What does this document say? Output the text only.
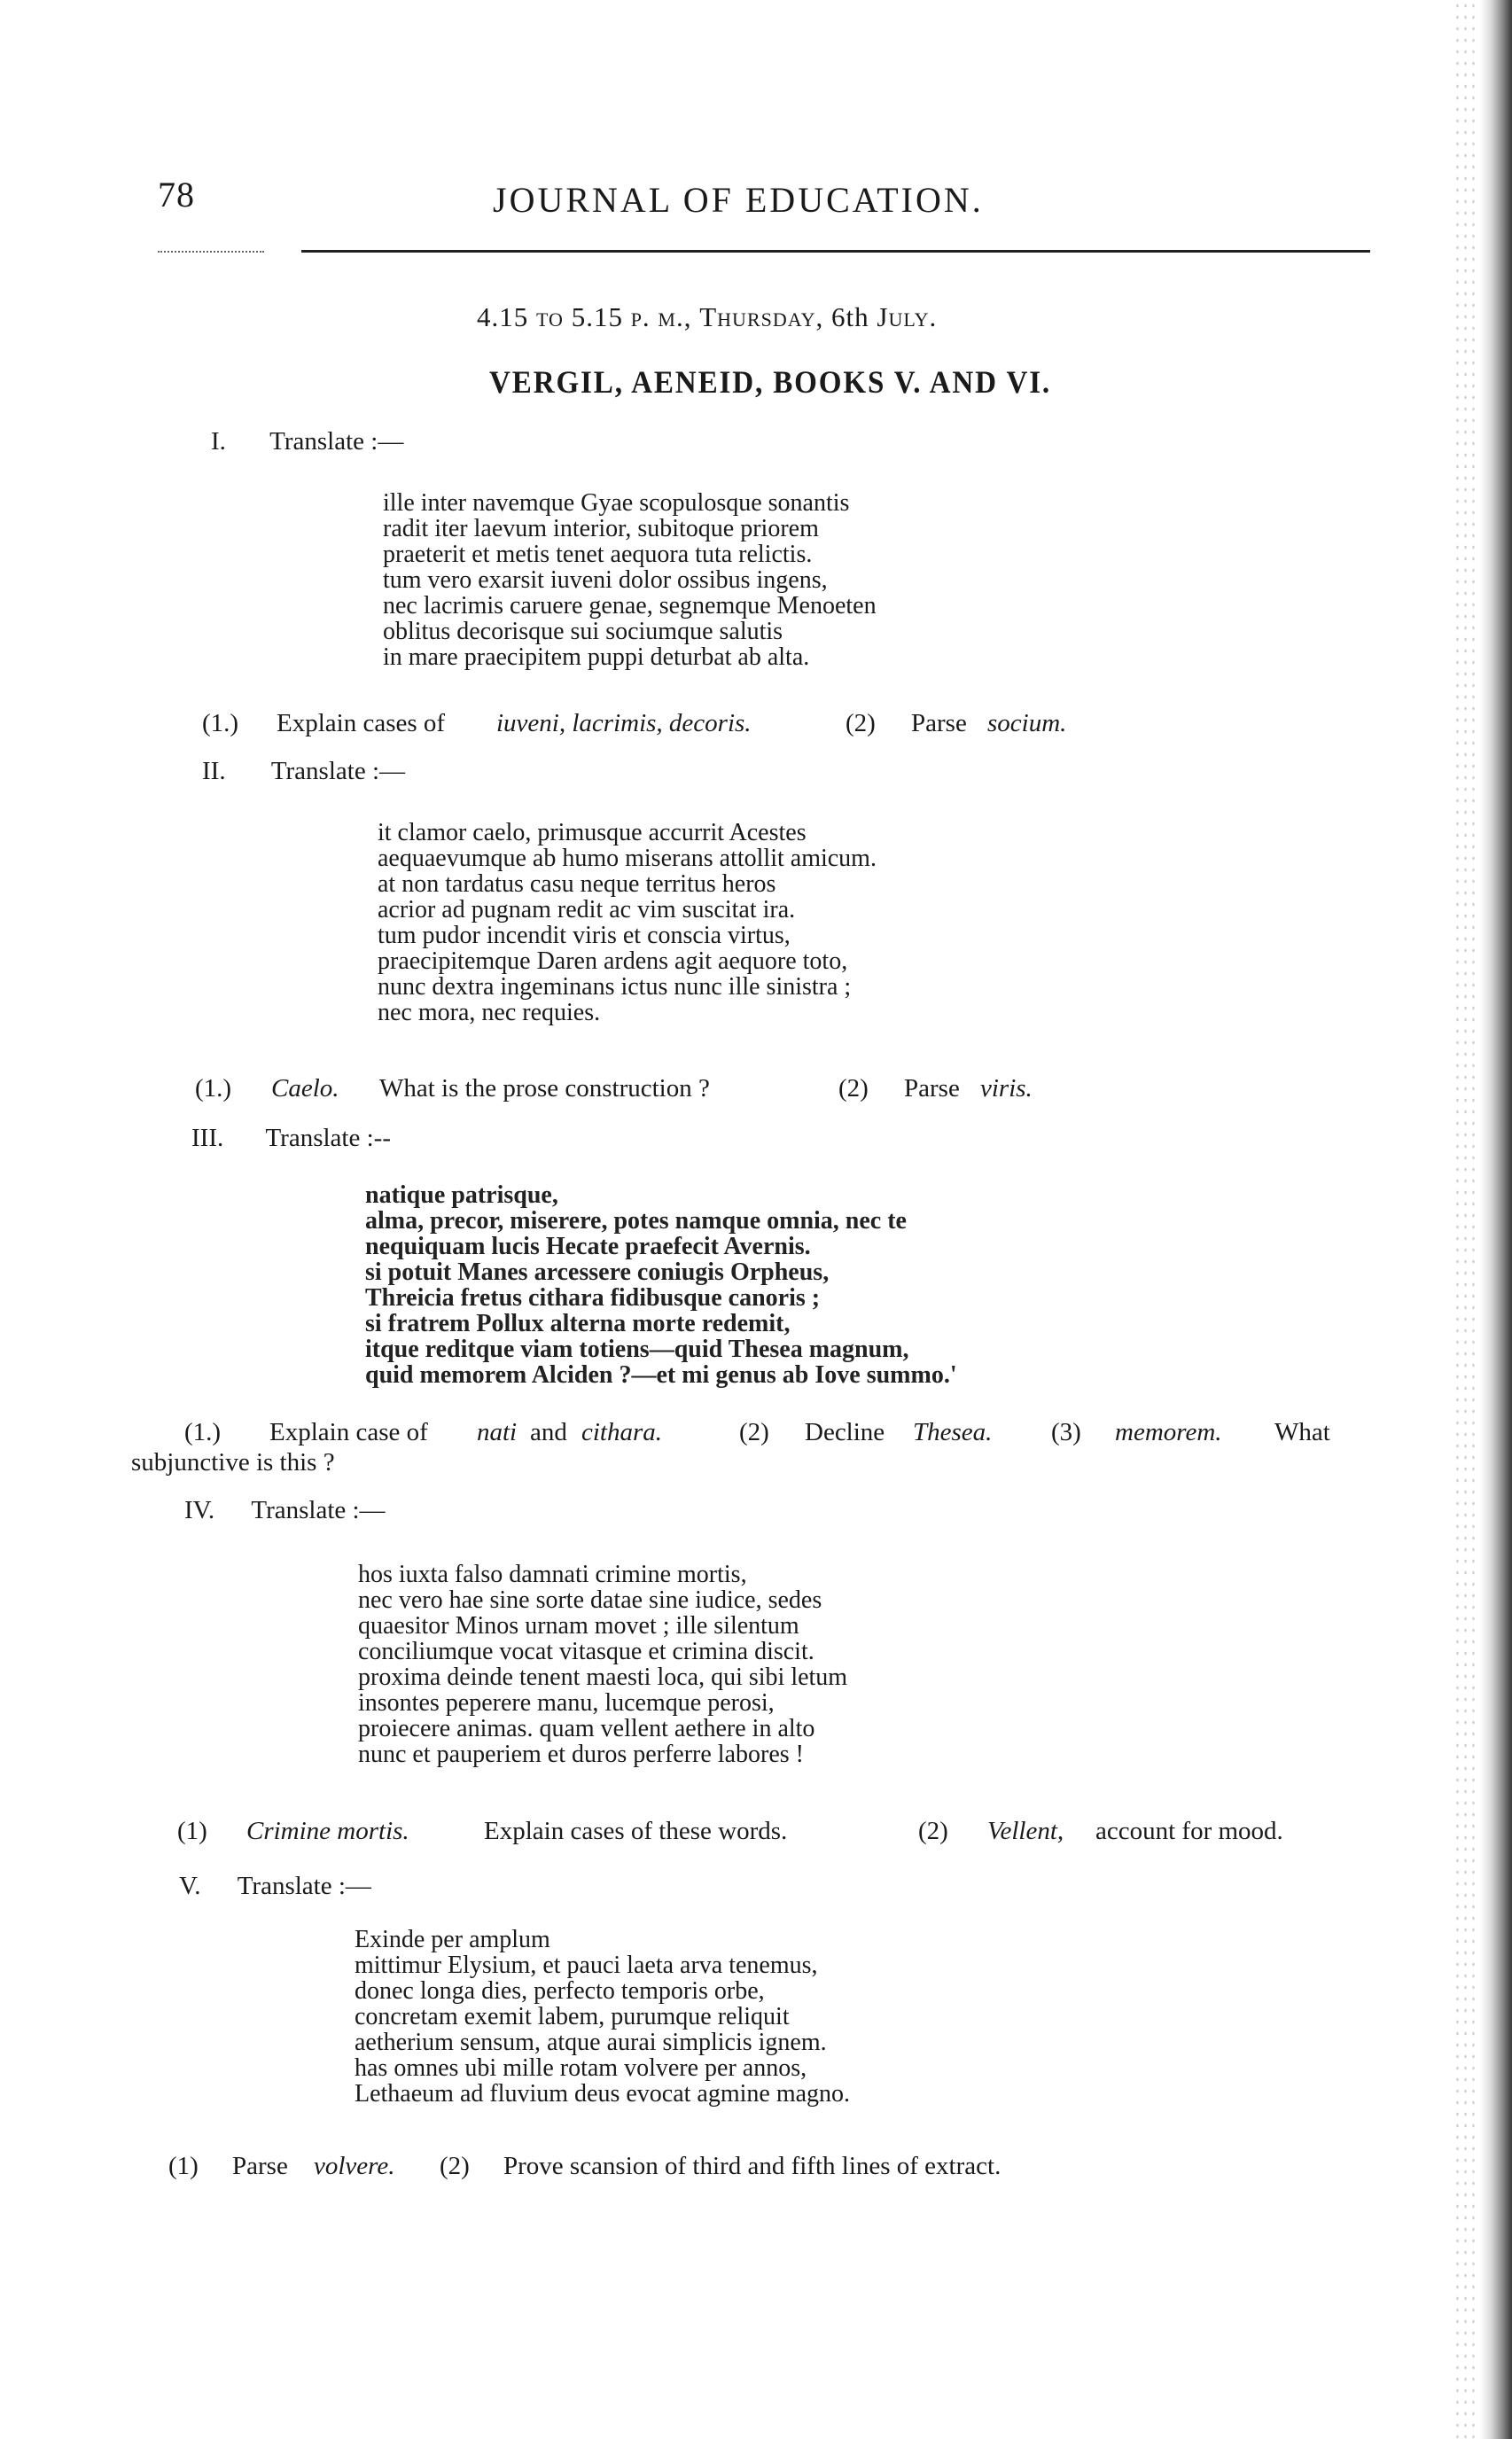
78	JOURNAL OF EDUCATION.
4.15 to 5.15 p. m., Thursday, 6th July.
VERGIL, AENEID, BOOKS V. AND VI.
I. Translate :—
ille inter navemque Gyae scopulosque sonantis
radit iter laevum interior, subitoque priorem
praeterit et metis tenet aequora tuta relictis.
tum vero exarsit iuveni dolor ossibus ingens,
nec lacrimis caruere genae, segnemque Menoeten
oblitus decorisque sui sociumque salutis
in mare praecipitem puppi deturbat ab alta.
(1.) Explain cases of iuveni, lacrimis, decoris.	(2) Parse socium.
II. Translate :—
it clamor caelo, primusque accurrit Acestes
aequaevumque ab humo miserans attollit amicum.
at non tardatus casu neque territus heros
acrior ad pugnam redit ac vim suscitat ira.
tum pudor incendit viris et conscia virtus,
praecipitemque Daren ardens agit aequore toto,
nunc dextra ingeminans ictus nunc ille sinistra ;
nec mora, nec requies.
(1.) Caelo. What is the prose construction ?	(2) Parse viris.
III. Translate :--
natique patrisque,
alma, precor, miserere, potes namque omnia, nec te
nequiquam lucis Hecate praefecit Avernis.
si potuit Manes arcessere coniugis Orpheus,
Threicia fretus cithara fidibusque canoris ;
si fratrem Pollux alterna morte redemit,
itque reditque viam totiens—quid Thesea magnum,
quid memorem Alciden ?—et mi genus ab Iove summo.'
(1.) Explain case of nati and cithara.	(2) Decline Thesea. (3) memorem. What
subjunctive is this ?
IV. Translate :—
hos iuxta falso damnati crimine mortis,
nec vero hae sine sorte datae sine iudice, sedes
quaesitor Minos urnam movet ; ille silentum
conciliumque vocat vitasque et crimina discit.
proxima deinde tenent maesti loca, qui sibi letum
insontes peperere manu, lucemque perosi,
proiecere animas. quam vellent aethere in alto
nunc et pauperiem et duros perferre labores !
(1) Crimine mortis.	Explain cases of these words.	(2) Vellent, account for mood.
V. Translate :—
Exinde per amplum
mittimur Elysium, et pauci laeta arva tenemus,
donec longa dies, perfecto temporis orbe,
concretam exemit labem, purumque reliquit
aetherium sensum, atque aurai simplicis ignem.
has omnes ubi mille rotam volvere per annos,
Lethaeum ad fluvium deus evocat agmine magno.
(1) Parse volvere. (2) Prove scansion of third and fifth lines of extract.
